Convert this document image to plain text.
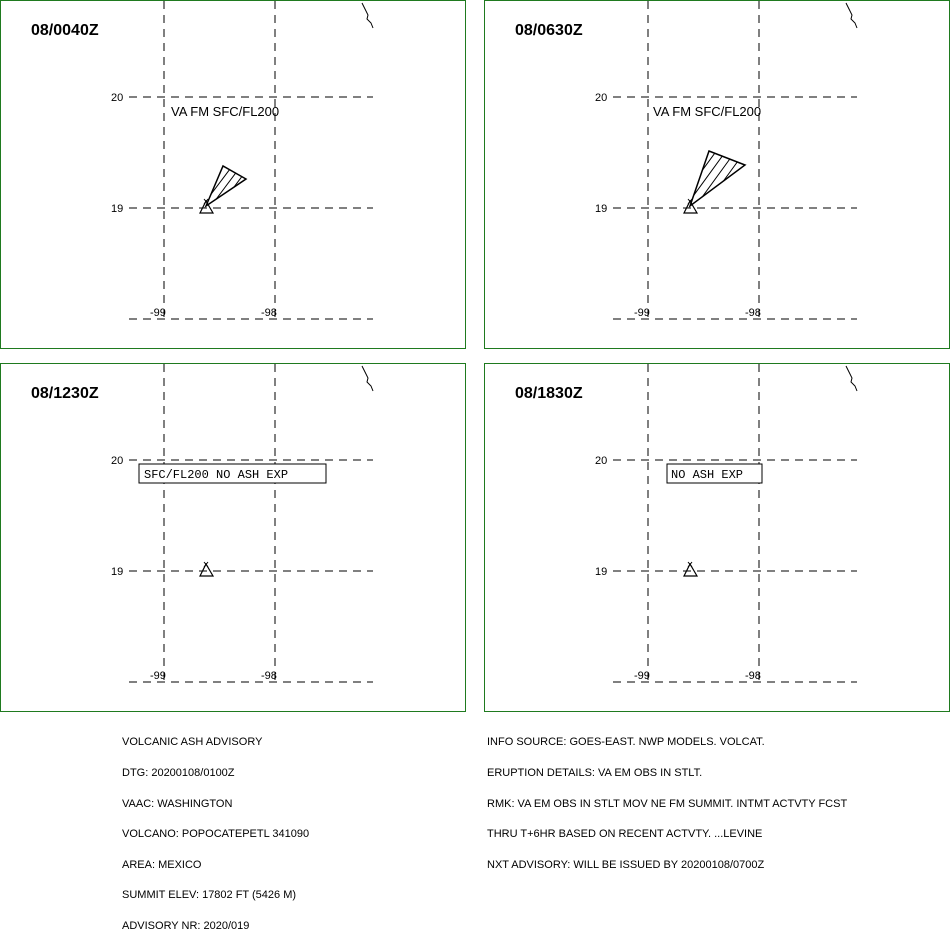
08/0040Z
20
19
-99	-98
VA FM SFC/FL200
08/0630Z
20
19
-99	-98
VA FM SFC/FL200
08/1230Z
20
19
-99	-98
SFC/FL200 NO ASH EXP
08/1830Z
20
19
-99	-98
NO ASH EXP

VOLCANIC ASH ADVISORY

DTG: 20200108/0100Z

VAAC: WASHINGTON

VOLCANO: POPOCATEPETL 341090

AREA: MEXICO

SUMMIT ELEV: 17802 FT (5426 M)

ADVISORY NR: 2020/019

INFO SOURCE: GOES-EAST. NWP MODELS. VOLCAT.

ERUPTION DETAILS: VA EM OBS IN STLT.

RMK: VA EM OBS IN STLT MOV NE FM SUMMIT. INTMT ACTVTY FCST

THRU T+6HR BASED ON RECENT ACTVTY. ...LEVINE

NXT ADVISORY: WILL BE ISSUED BY 20200108/0700Z
